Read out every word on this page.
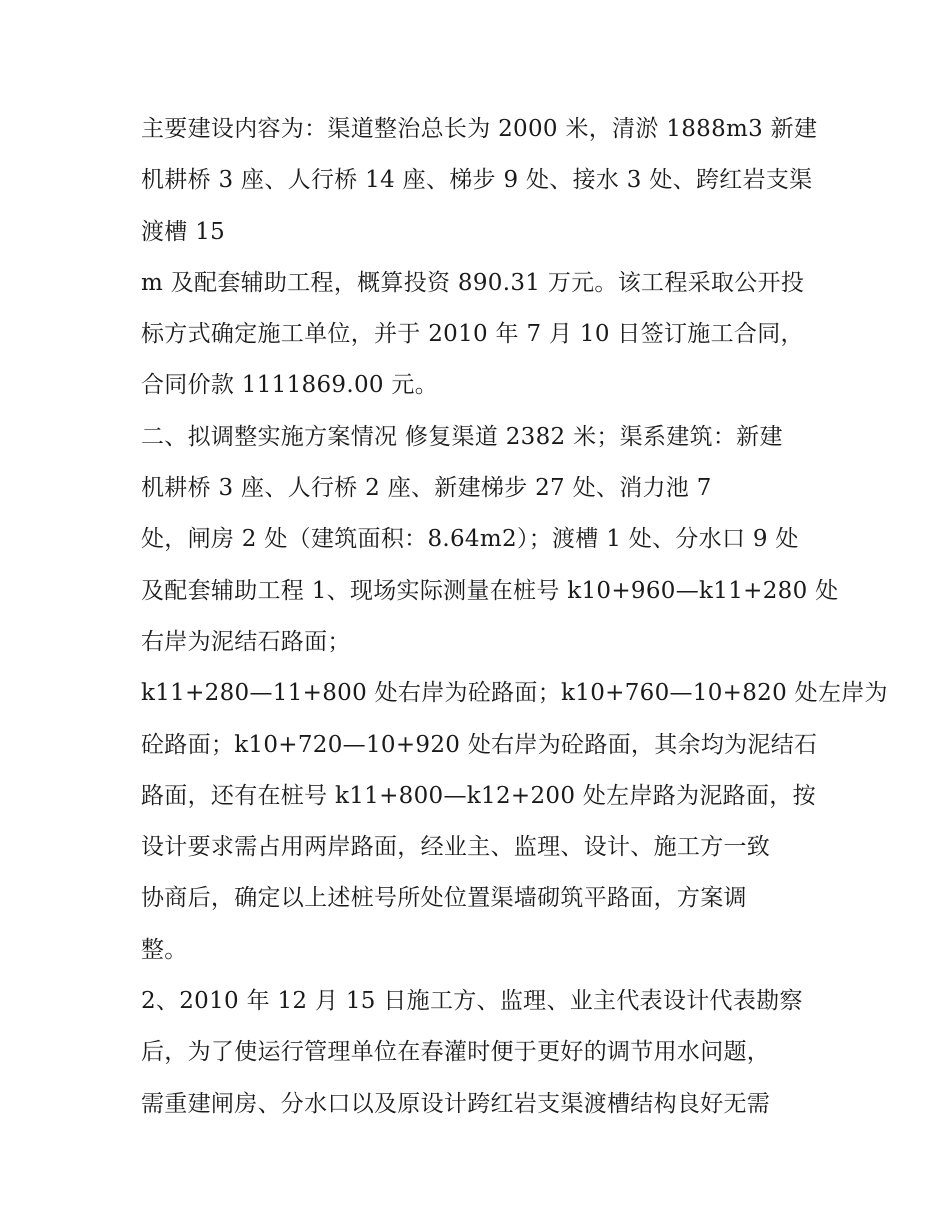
主要建设内容为：渠道整治总长为 2000 米，清淤 1888m3 新建
机耕桥 3 座、人行桥 14 座、梯步 9 处、接水 3 处、跨红岩支渠
渡槽 15
m 及配套辅助工程，概算投资 890.31 万元。该工程采取公开投
标方式确定施工单位，并于 2010 年 7 月 10 日签订施工合同，
合同价款 1111869.00 元。
二、拟调整实施方案情况 修复渠道 2382 米；渠系建筑：新建
机耕桥 3 座、人行桥 2 座、新建梯步 27 处、消力池 7
处，闸房 2 处（建筑面积：8.64m2）；渡槽 1 处、分水口 9 处
及配套辅助工程 1、现场实际测量在桩号 k10+960—k11+280 处
右岸为泥结石路面；
k11+280—11+800 处右岸为砼路面；k10+760—10+820 处左岸为
砼路面；k10+720—10+920 处右岸为砼路面，其余均为泥结石
路面，还有在桩号 k11+800—k12+200 处左岸路为泥路面，按
设计要求需占用两岸路面，经业主、监理、设计、施工方一致
协商后，确定以上述桩号所处位置渠墙砌筑平路面，方案调
整。
2、2010 年 12 月 15 日施工方、监理、业主代表设计代表勘察
后，为了使运行管理单位在春灌时便于更好的调节用水问题，
需重建闸房、分水口以及原设计跨红岩支渠渡槽结构良好无需
